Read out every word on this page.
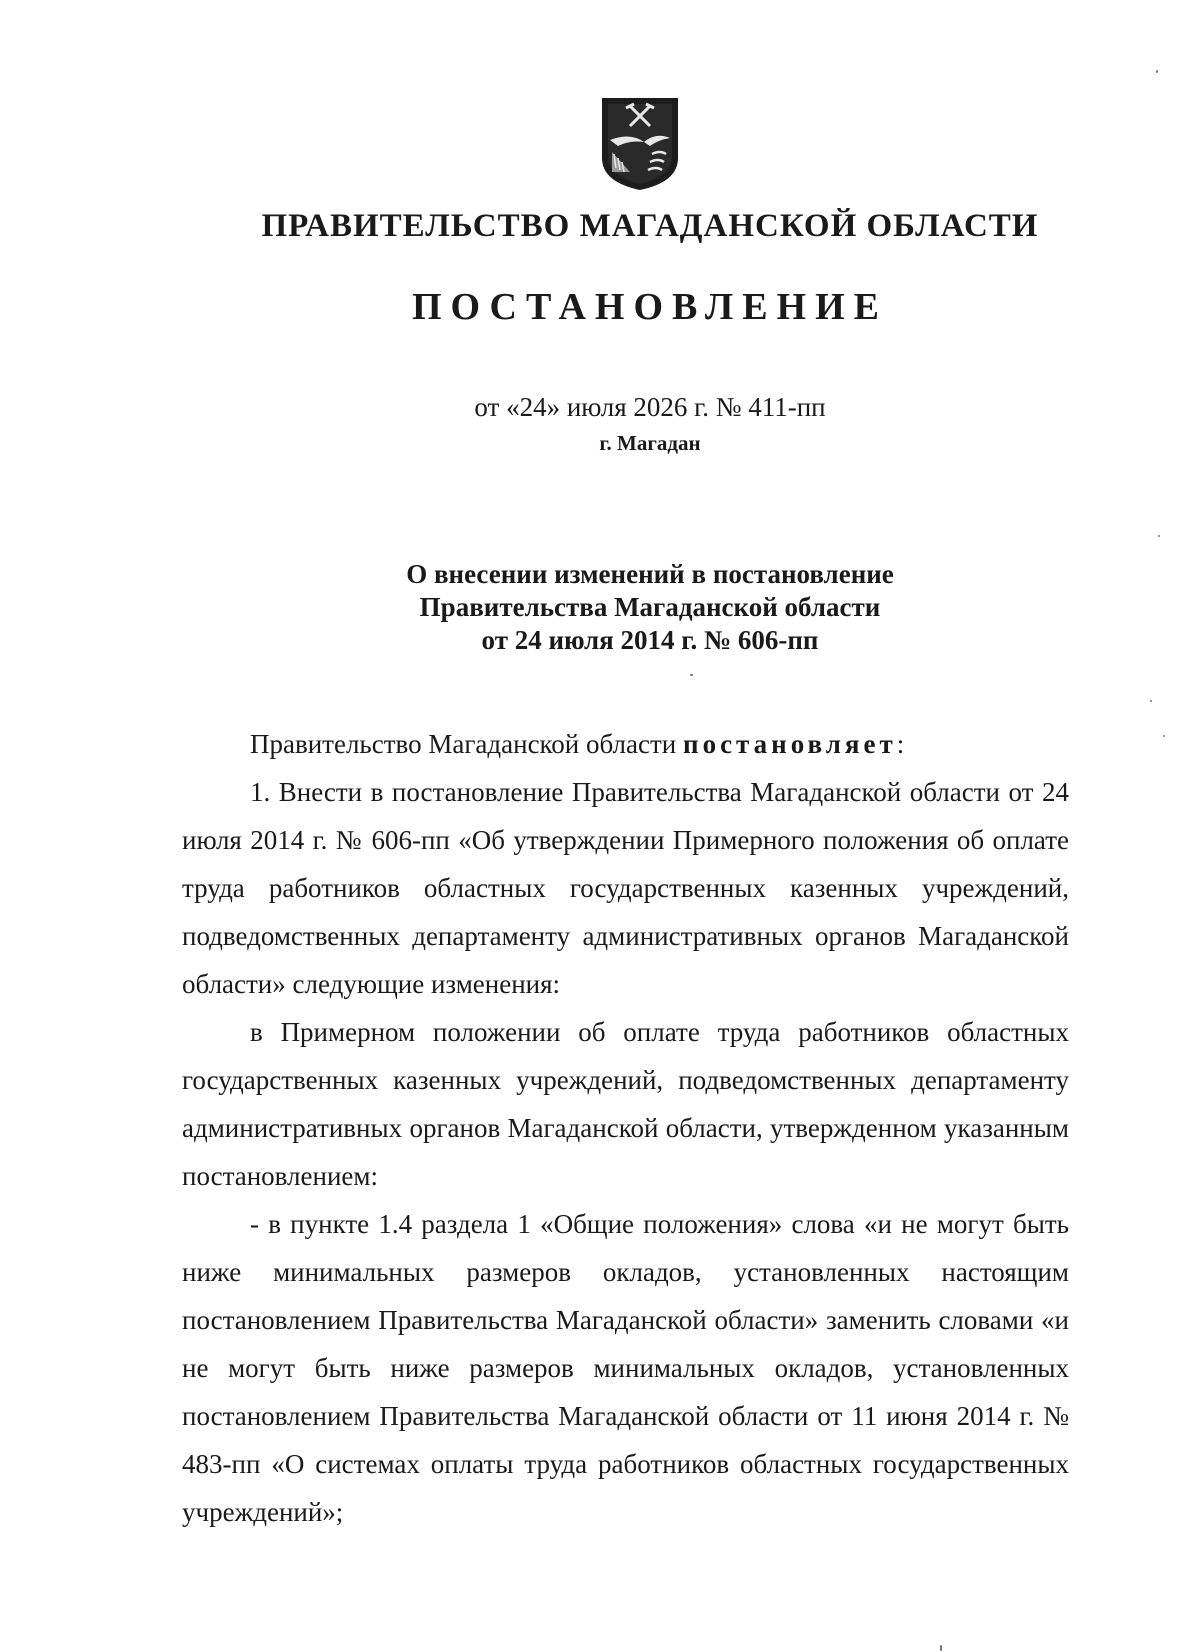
ПРАВИТЕЛЬСТВО МАГАДАНСКОЙ ОБЛАСТИ
ПОСТАНОВЛЕНИЕ
от «24» июля 2026 г. № 411-пп
г. Магадан
О внесении изменений в постановление
Правительства Магаданской области
от 24 июля 2014 г. № 606-пп

Правительство Магаданской области постановляет:

1. Внести в постановление Правительства Магаданской области от 24 июля 2014 г. № 606-пп «Об утверждении Примерного положения об оплате труда работников областных государственных казенных учреждений, подведомственных департаменту административных органов Магаданской области» следующие изменения:

в Примерном положении об оплате труда работников областных государственных казенных учреждений, подведомственных департаменту административных органов Магаданской области, утвержденном указанным постановлением:

- в пункте 1.4 раздела 1 «Общие положения» слова «и не могут быть ниже минимальных размеров окладов, установленных настоящим постановлением Правительства Магаданской области» заменить словами «и не могут быть ниже размеров минимальных окладов, установленных постановлением Правительства Магаданской области от 11 июня 2014 г. № 483-пп «О системах оплаты труда работников областных государственных учреждений»;
